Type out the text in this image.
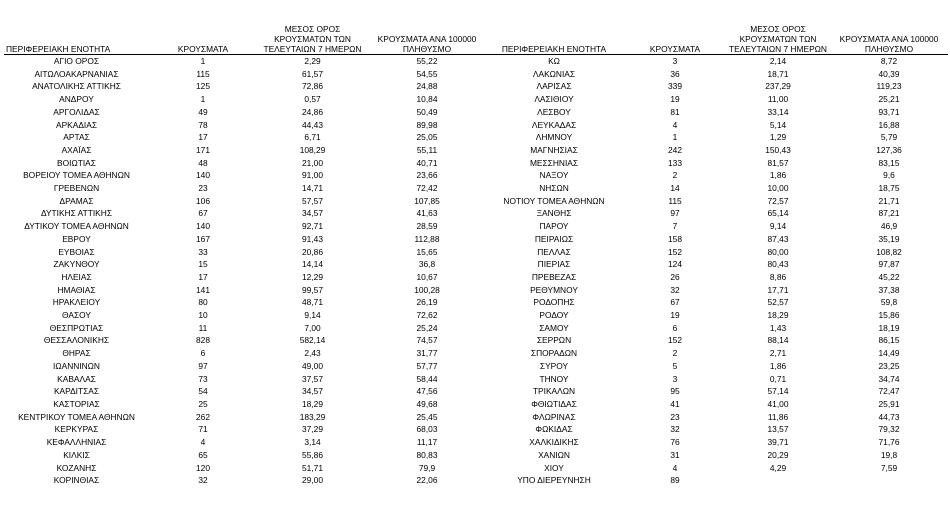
ΠΕΡΙΦΕΡΕΙΑΚΗ ΕΝΟΤΗΤΑ	ΚΡΟΥΣΜΑΤΑ	ΜΕΣΟΣ ΟΡΟΣ ΚΡΟΥΣΜΑΤΩΝ ΤΩΝ ΤΕΛΕΥΤΑΙΩΝ 7 ΗΜΕΡΩΝ	ΚΡΟΥΣΜΑΤΑ ΑΝΑ 100000 ΠΛΗΘΥΣΜΟ
ΑΓΙΟ ΟΡΟΣ	1	2,29	55,22
ΑΙΤΩΛΟΑΚΑΡΝΑΝΙΑΣ	115	61,57	54,55
ΑΝΑΤΟΛΙΚΗΣ ΑΤΤΙΚΗΣ	125	72,86	24,88
ΑΝΔΡΟΥ	1	0,57	10,84
ΑΡΓΟΛΙΔΑΣ	49	24,86	50,49
ΑΡΚΑΔΙΑΣ	78	44,43	89,98
ΑΡΤΑΣ	17	6,71	25,05
ΑΧΑΪΑΣ	171	108,29	55,11
ΒΟΙΩΤΙΑΣ	48	21,00	40,71
ΒΟΡΕΙΟΥ ΤΟΜΕΑ ΑΘΗΝΩΝ	140	91,00	23,66
ΓΡΕΒΕΝΩΝ	23	14,71	72,42
ΔΡΑΜΑΣ	106	57,57	107,85
ΔΥΤΙΚΗΣ ΑΤΤΙΚΗΣ	67	34,57	41,63
ΔΥΤΙΚΟΥ ΤΟΜΕΑ ΑΘΗΝΩΝ	140	92,71	28,59
ΕΒΡΟΥ	167	91,43	112,88
ΕΥΒΟΙΑΣ	33	20,86	15,65
ΖΑΚΥΝΘΟΥ	15	14,14	36,8
ΗΛΕΙΑΣ	17	12,29	10,67
ΗΜΑΘΙΑΣ	141	99,57	100,28
ΗΡΑΚΛΕΙΟΥ	80	48,71	26,19
ΘΑΣΟΥ	10	9,14	72,62
ΘΕΣΠΡΩΤΙΑΣ	11	7,00	25,24
ΘΕΣΣΑΛΟΝΙΚΗΣ	828	582,14	74,57
ΘΗΡΑΣ	6	2,43	31,77
ΙΩΑΝΝΙΝΩΝ	97	49,00	57,77
ΚΑΒΑΛΑΣ	73	37,57	58,44
ΚΑΡΔΙΤΣΑΣ	54	34,57	47,56
ΚΑΣΤΟΡΙΑΣ	25	18,29	49,68
ΚΕΝΤΡΙΚΟΥ ΤΟΜΕΑ ΑΘΗΝΩΝ	262	183,29	25,45
ΚΕΡΚΥΡΑΣ	71	37,29	68,03
ΚΕΦΑΛΛΗΝΙΑΣ	4	3,14	11,17
ΚΙΛΚΙΣ	65	55,86	80,83
ΚΟΖΑΝΗΣ	120	51,71	79,9
ΚΟΡΙΝΘΙΑΣ	32	29,00	22,06
ΠΕΡΙΦΕΡΕΙΑΚΗ ΕΝΟΤΗΤΑ	ΚΡΟΥΣΜΑΤΑ	ΜΕΣΟΣ ΟΡΟΣ ΚΡΟΥΣΜΑΤΩΝ ΤΩΝ ΤΕΛΕΥΤΑΙΩΝ 7 ΗΜΕΡΩΝ	ΚΡΟΥΣΜΑΤΑ ΑΝΑ 100000 ΠΛΗΘΥΣΜΟ
ΚΩ	3	2,14	8,72
ΛΑΚΩΝΙΑΣ	36	18,71	40,39
ΛΑΡΙΣΑΣ	339	237,29	119,23
ΛΑΣΙΘΙΟΥ	19	11,00	25,21
ΛΕΣΒΟΥ	81	33,14	93,71
ΛΕΥΚΑΔΑΣ	4	5,14	16,88
ΛΗΜΝΟΥ	1	1,29	5,79
ΜΑΓΝΗΣΙΑΣ	242	150,43	127,36
ΜΕΣΣΗΝΙΑΣ	133	81,57	83,15
ΝΑΞΟΥ	2	1,86	9,6
ΝΗΣΩΝ	14	10,00	18,75
ΝΟΤΙΟΥ ΤΟΜΕΑ ΑΘΗΝΩΝ	115	72,57	21,71
ΞΑΝΘΗΣ	97	65,14	87,21
ΠΑΡΟΥ	7	9,14	46,9
ΠΕΙΡΑΙΩΣ	158	87,43	35,19
ΠΕΛΛΑΣ	152	80,00	108,82
ΠΙΕΡΙΑΣ	124	80,43	97,87
ΠΡΕΒΕΖΑΣ	26	8,86	45,22
ΡΕΘΥΜΝΟΥ	32	17,71	37,38
ΡΟΔΟΠΗΣ	67	52,57	59,8
ΡΟΔΟΥ	19	18,29	15,86
ΣΑΜΟΥ	6	1,43	18,19
ΣΕΡΡΩΝ	152	88,14	86,15
ΣΠΟΡΑΔΩΝ	2	2,71	14,49
ΣΥΡΟΥ	5	1,86	23,25
ΤΗΝΟΥ	3	0,71	34,74
ΤΡΙΚΑΛΩΝ	95	57,14	72,47
ΦΘΙΩΤΙΔΑΣ	41	41,00	25,91
ΦΛΩΡΙΝΑΣ	23	11,86	44,73
ΦΩΚΙΔΑΣ	32	13,57	79,32
ΧΑΛΚΙΔΙΚΗΣ	76	39,71	71,76
ΧΑΝΙΩΝ	31	20,29	19,8
ΧΙΟΥ	4	4,29	7,59
ΥΠΟ ΔΙΕΡΕΥΝΗΣΗ	89		
